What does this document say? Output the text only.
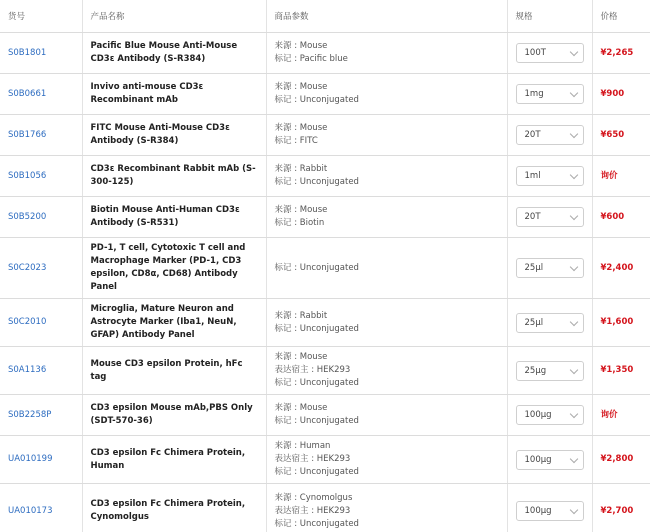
货号	产品名称	商品参数	规格	价格
S0B1801	Pacific Blue Mouse Anti-Mouse CD3ε Antibody (S-R384)	来源 : Mouse
标记 : Pacific blue	100T	¥2,265
S0B0661	Invivo anti-mouse CD3ε Recombinant mAb	来源 : Mouse
标记 : Unconjugated	1mg	¥900
S0B1766	FITC Mouse Anti-Mouse CD3ε Antibody (S-R384)	来源 : Mouse
标记 : FITC	20T	¥650
S0B1056	CD3ε Recombinant Rabbit mAb (S-300-125)	来源 : Rabbit
标记 : Unconjugated	1ml	询价
S0B5200	Biotin Mouse Anti-Human CD3ε Antibody (S-R531)	来源 : Mouse
标记 : Biotin	20T	¥600
S0C2023	PD-1, T cell, Cytotoxic T cell and Macrophage Marker (PD-1, CD3 epsilon, CD8α, CD68) Antibody Panel	标记 : Unconjugated	25μl	¥2,400
S0C2010	Microglia, Mature Neuron and Astrocyte Marker (Iba1, NeuN, GFAP) Antibody Panel	来源 : Rabbit
标记 : Unconjugated	25μl	¥1,600
S0A1136	Mouse CD3 epsilon Protein, hFc tag	来源 : Mouse
表达宿主 : HEK293
标记 : Unconjugated	25μg	¥1,350
S0B2258P	CD3 epsilon Mouse mAb,PBS Only (SDT-570-36)	来源 : Mouse
标记 : Unconjugated	100μg	询价
UA010199	CD3 epsilon Fc Chimera Protein, Human	来源 : Human
表达宿主 : HEK293
标记 : Unconjugated	100μg	¥2,800
UA010173	CD3 epsilon Fc Chimera Protein, Cynomolgus	来源 : Cynomolgus
表达宿主 : HEK293
标记 : Unconjugated	100μg	¥2,700
